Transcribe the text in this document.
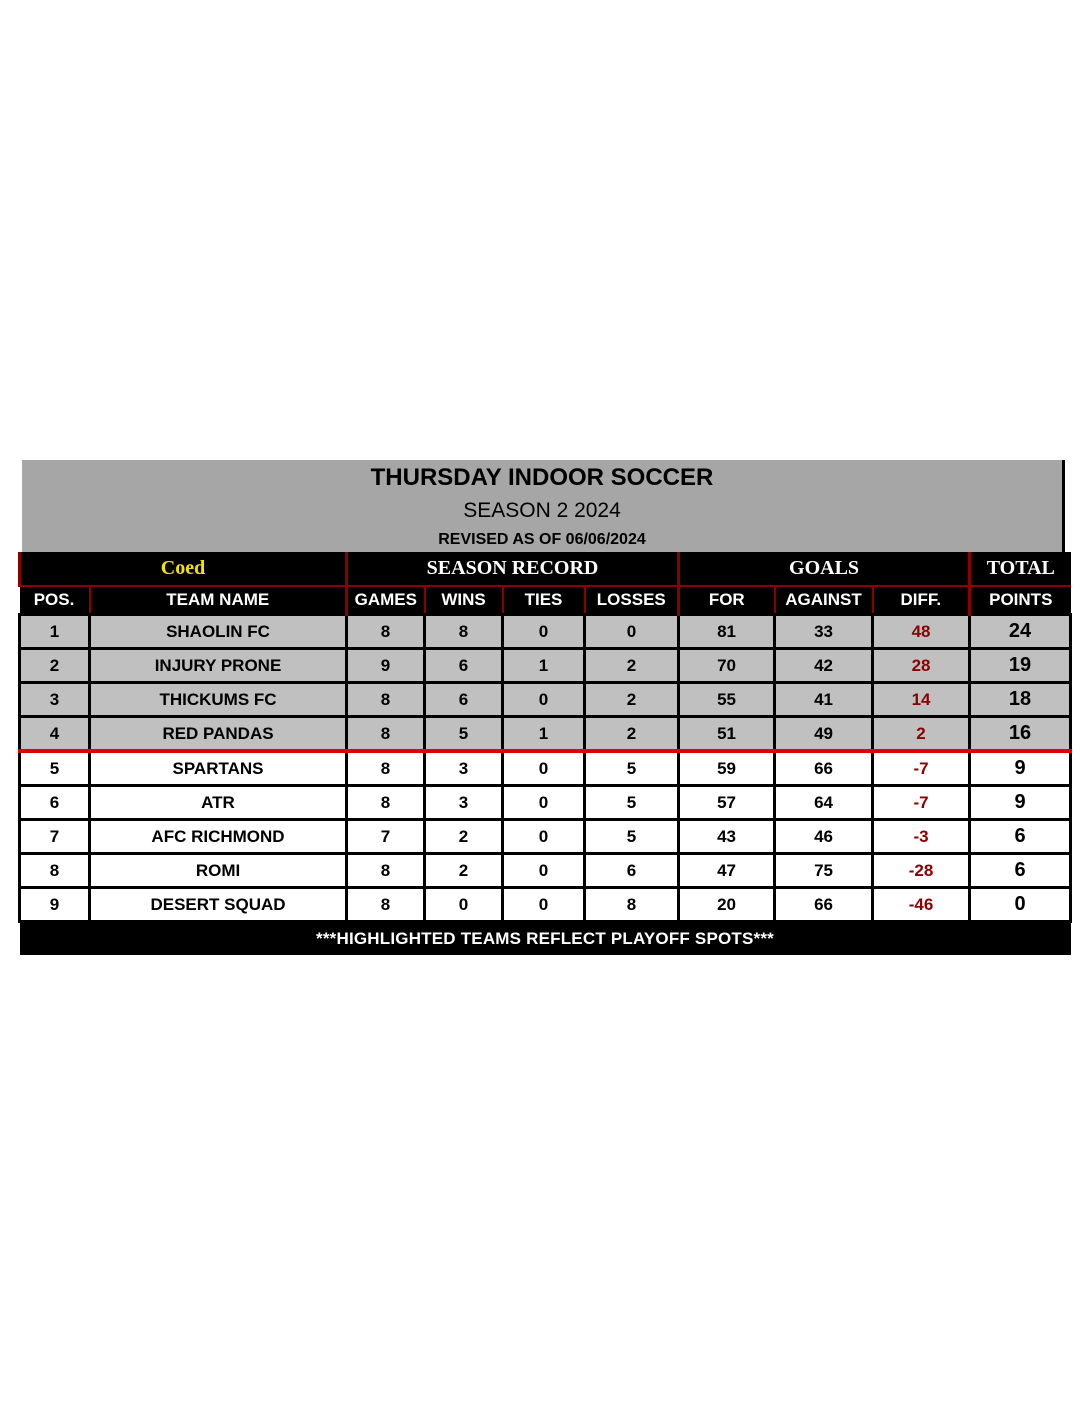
THURSDAY INDOOR SOCCER
SEASON 2 2024
REVISED AS OF 06/06/2024
Coed		SEASON RECORD				GOALS			TOTAL
POS.	TEAM NAME	GAMES	WINS	TIES	LOSSES	FOR	AGAINST	DIFF.	POINTS
1	SHAOLIN FC	8	8	0	0	81	33	48	24
2	INJURY PRONE	9	6	1	2	70	42	28	19
3	THICKUMS FC	8	6	0	2	55	41	14	18
4	RED PANDAS	8	5	1	2	51	49	2	16
5	SPARTANS	8	3	0	5	59	66	-7	9
6	ATR	8	3	0	5	57	64	-7	9
7	AFC RICHMOND	7	2	0	5	43	46	-3	6
8	ROMI	8	2	0	6	47	75	-28	6
9	DESERT SQUAD	8	0	0	8	20	66	-46	0
***HIGHLIGHTED TEAMS REFLECT PLAYOFF SPOTS***									
